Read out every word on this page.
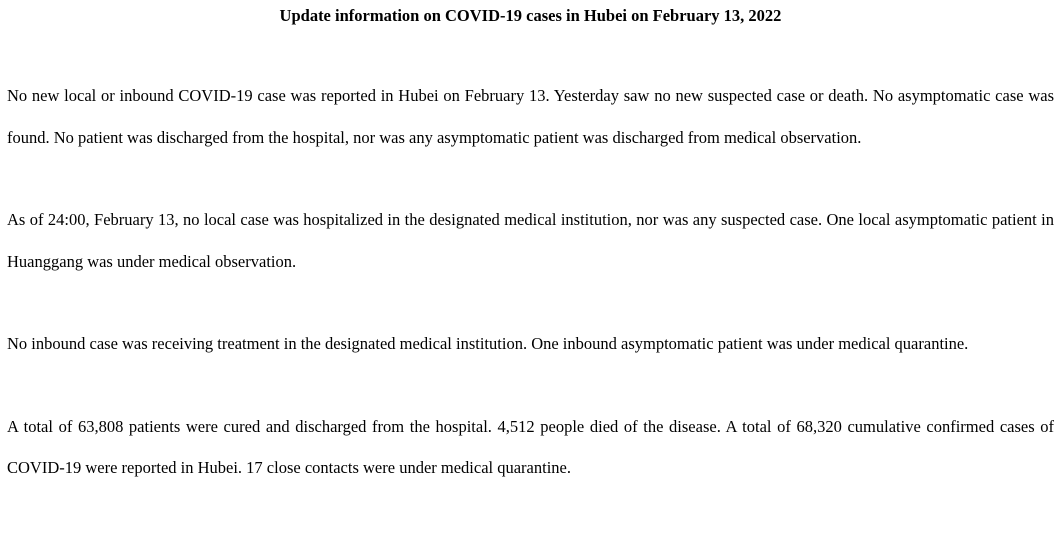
Update information on COVID-19 cases in Hubei on February 13, 2022

No new local or inbound COVID-19 case was reported in Hubei on February 13. Yesterday saw no new suspected case or death. No asymptomatic case was found. No patient was discharged from the hospital, nor was any asymptomatic patient was discharged from medical observation.

As of 24:00, February 13, no local case was hospitalized in the designated medical institution, nor was any suspected case. One local asymptomatic patient in Huanggang was under medical observation.

No inbound case was receiving treatment in the designated medical institution. One inbound asymptomatic patient was under medical quarantine.

A total of 63,808 patients were cured and discharged from the hospital. 4,512 people died of the disease. A total of 68,320 cumulative confirmed cases of COVID-19 were reported in Hubei. 17 close contacts were under medical quarantine.
